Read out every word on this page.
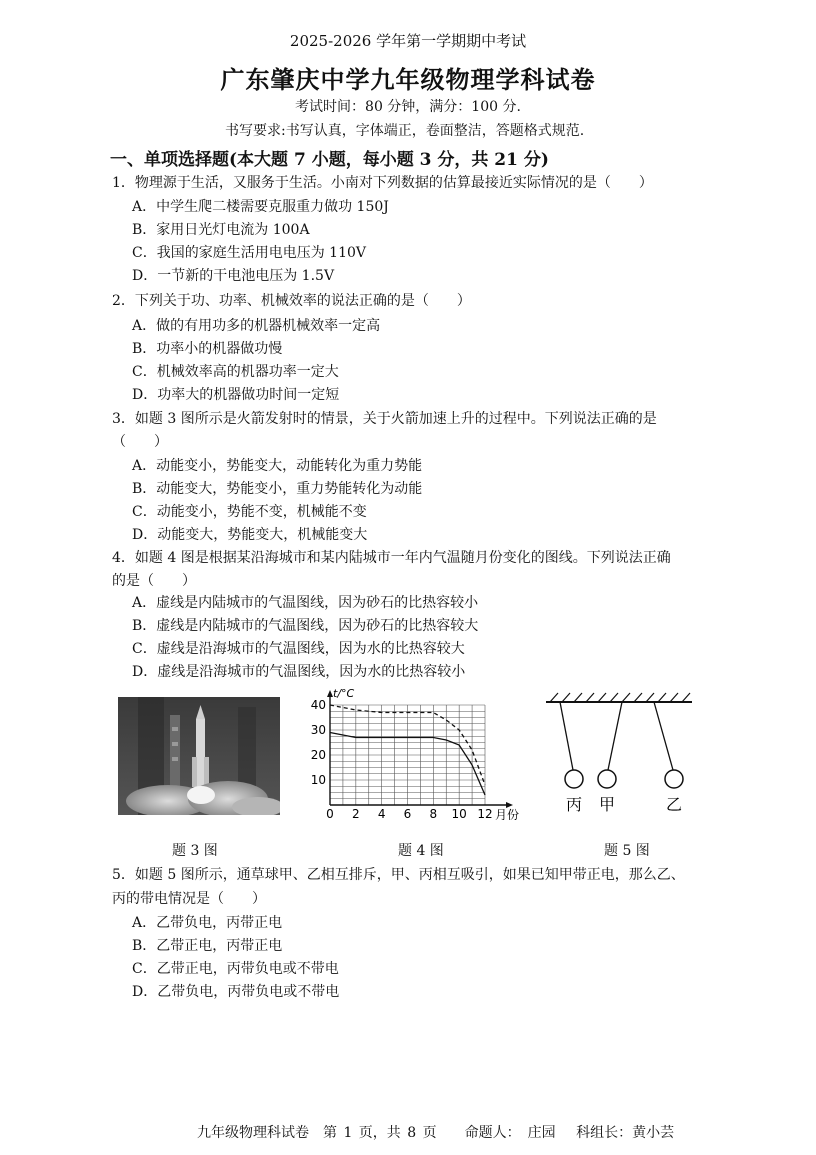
2025-2026 学年第一学期期中考试
广东肇庆中学九年级物理学科试卷
考试时间：80 分钟，满分：100 分.
书写要求:书写认真，字体端正，卷面整洁，答题格式规范.
一、单项选择题(本大题 7 小题，每小题 3 分，共 21 分)
1．物理源于生活，又服务于生活。小南对下列数据的估算最接近实际情况的是（　　）
A．中学生爬二楼需要克服重力做功 150J
B．家用日光灯电流为 100A
C．我国的家庭生活用电电压为 110V
D．一节新的干电池电压为 1.5V
2．下列关于功、功率、机械效率的说法正确的是（　　）
A．做的有用功多的机器机械效率一定高
B．功率小的机器做功慢
C．机械效率高的机器功率一定大
D．功率大的机器做功时间一定短
3．如题 3 图所示是火箭发射时的情景，关于火箭加速上升的过程中。下列说法正确的是
（　　）
A．动能变小，势能变大，动能转化为重力势能
B．动能变大，势能变小，重力势能转化为动能
C．动能变小，势能不变，机械能不变
D．动能变大，势能变大，机械能变大
4．如题 4 图是根据某沿海城市和某内陆城市一年内气温随月份变化的图线。下列说法正确
的是（　　）
A．虚线是内陆城市的气温图线，因为砂石的比热容较小
B．虚线是内陆城市的气温图线，因为砂石的比热容较大
C．虚线是沿海城市的气温图线，因为水的比热容较大
D．虚线是沿海城市的气温图线，因为水的比热容较小
题 3 图
t/°C
月份
40
30
20
10
0 2 4 6 8 10 12
题 4 图
丙 甲	乙
题 5 图
5．如题 5 图所示，通草球甲、乙相互排斥，甲、丙相互吸引，如果已知甲带正电，那么乙、
丙的带电情况是（　　）
A．乙带负电，丙带正电
B．乙带正电，丙带正电
C．乙带正电，丙带负电或不带电
D．乙带负电，丙带负电或不带电
九年级物理科试卷　第 1 页，共 8 页　　命题人：　庄园　 科组长：黄小芸
